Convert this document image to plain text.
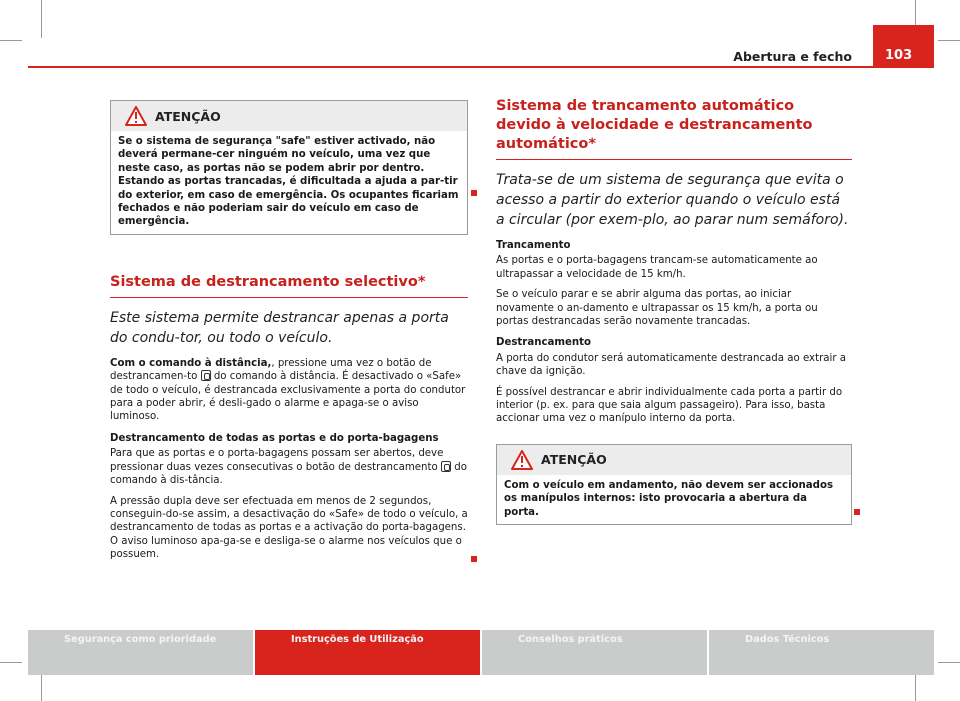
Abertura e fecho	103
ATENÇÃO
Se o sistema de segurança "safe" estiver activado, não deverá permane-cer ninguém no veículo, uma vez que neste caso, as portas não se podem abrir por dentro. Estando as portas trancadas, é dificultada a ajuda a par-tir do exterior, em caso de emergência. Os ocupantes ficariam fechados e não poderiam sair do veículo em caso de emergência.
Sistema de destrancamento selectivo*
Este sistema permite destrancar apenas a porta do condu-tor, ou todo o veículo.

Com o comando à distância,, pressione uma vez o botão de destrancamen-to do comando à distância. É desactivado o «Safe» de todo o veículo, é destrancada exclusivamente a porta do condutor para a poder abrir, é desli-gado o alarme e apaga-se o aviso luminoso.

Destrancamento de todas as portas e do porta-bagagens

Para que as portas e o porta-bagagens possam ser abertos, deve pressionar duas vezes consecutivas o botão de destrancamento do comando à dis-tância.

A pressão dupla deve ser efectuada em menos de 2 segundos, conseguin-do-se assim, a desactivação do «Safe» de todo o veículo, a destrancamento de todas as portas e a activação do porta-bagagens. O aviso luminoso apa-ga-se e desliga-se o alarme nos veículos que o possuem.

Sistema de trancamento automático devido à velocidade e destrancamento automático*
Trata-se de um sistema de segurança que evita o acesso a partir do exterior quando o veículo está a circular (por exem-plo, ao parar num semáforo).
Trancamento

As portas e o porta-bagagens trancam-se automaticamente ao ultrapassar a velocidade de 15 km/h.

Se o veículo parar e se abrir alguma das portas, ao iniciar novamente o an-damento e ultrapassar os 15 km/h, a porta ou portas destrancadas serão novamente trancadas.

Destrancamento

A porta do condutor será automaticamente destrancada ao extrair a chave da ignição.

É possível destrancar e abrir individualmente cada porta a partir do interior (p. ex. para que saia algum passageiro). Para isso, basta accionar uma vez o manípulo interno da porta.

ATENÇÃO
Com o veículo em andamento, não devem ser accionados os manípulos internos: isto provocaria a abertura da porta.
Segurança como prioridade	Instruções de Utilização	Conselhos práticos	Dados Técnicos
